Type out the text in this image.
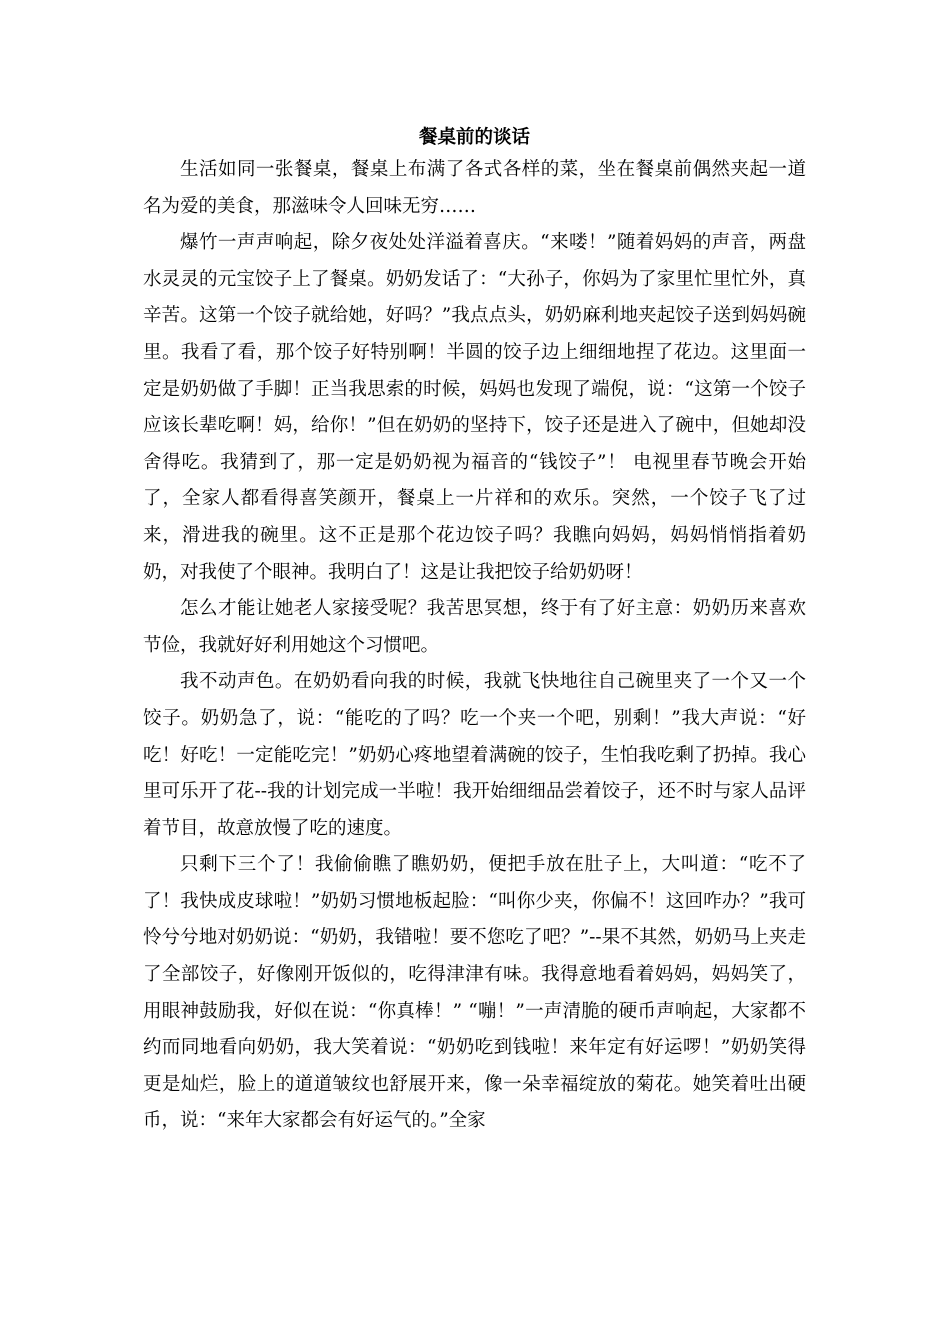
餐桌前的谈话

生活如同一张餐桌，餐桌上布满了各式各样的菜，坐在餐桌前偶然夹起一道名为爱的美食，那滋味令人回味无穷……

爆竹一声声响起，除夕夜处处洋溢着喜庆。“来喽！”随着妈妈的声音，两盘水灵灵的元宝饺子上了餐桌。奶奶发话了：“大孙子，你妈为了家里忙里忙外，真辛苦。这第一个饺子就给她，好吗？”我点点头，奶奶麻利地夹起饺子送到妈妈碗里。我看了看，那个饺子好特别啊！半圆的饺子边上细细地捏了花边。这里面一定是奶奶做了手脚！正当我思索的时候，妈妈也发现了端倪，说：“这第一个饺子应该长辈吃啊！妈，给你！”但在奶奶的坚持下，饺子还是进入了碗中，但她却没舍得吃。我猜到了，那一定是奶奶视为福音的“钱饺子”！ 电视里春节晚会开始了，全家人都看得喜笑颜开，餐桌上一片祥和的欢乐。突然，一个饺子飞了过来，滑进我的碗里。这不正是那个花边饺子吗？我瞧向妈妈，妈妈悄悄指着奶奶，对我使了个眼神。我明白了！这是让我把饺子给奶奶呀！

怎么才能让她老人家接受呢？我苦思冥想，终于有了好主意：奶奶历来喜欢节俭，我就好好利用她这个习惯吧。

我不动声色。在奶奶看向我的时候，我就飞快地往自己碗里夹了一个又一个饺子。奶奶急了，说：“能吃的了吗？吃一个夹一个吧，别剩！”我大声说：“好吃！好吃！一定能吃完！”奶奶心疼地望着满碗的饺子，生怕我吃剩了扔掉。我心里可乐开了花--我的计划完成一半啦！我开始细细品尝着饺子，还不时与家人品评着节目，故意放慢了吃的速度。

只剩下三个了！我偷偷瞧了瞧奶奶，便把手放在肚子上，大叫道：“吃不了了！我快成皮球啦！”奶奶习惯地板起脸：“叫你少夹，你偏不！这回咋办？”我可怜兮兮地对奶奶说：“奶奶，我错啦！要不您吃了吧？”--果不其然，奶奶马上夹走了全部饺子，好像刚开饭似的，吃得津津有味。我得意地看着妈妈，妈妈笑了，用眼神鼓励我，好似在说：“你真棒！” “嘣！”一声清脆的硬币声响起，大家都不约而同地看向奶奶，我大笑着说：“奶奶吃到钱啦！来年定有好运啰！”奶奶笑得更是灿烂，脸上的道道皱纹也舒展开来，像一朵幸福绽放的菊花。她笑着吐出硬币，说：“来年大家都会有好运气的。”全家
